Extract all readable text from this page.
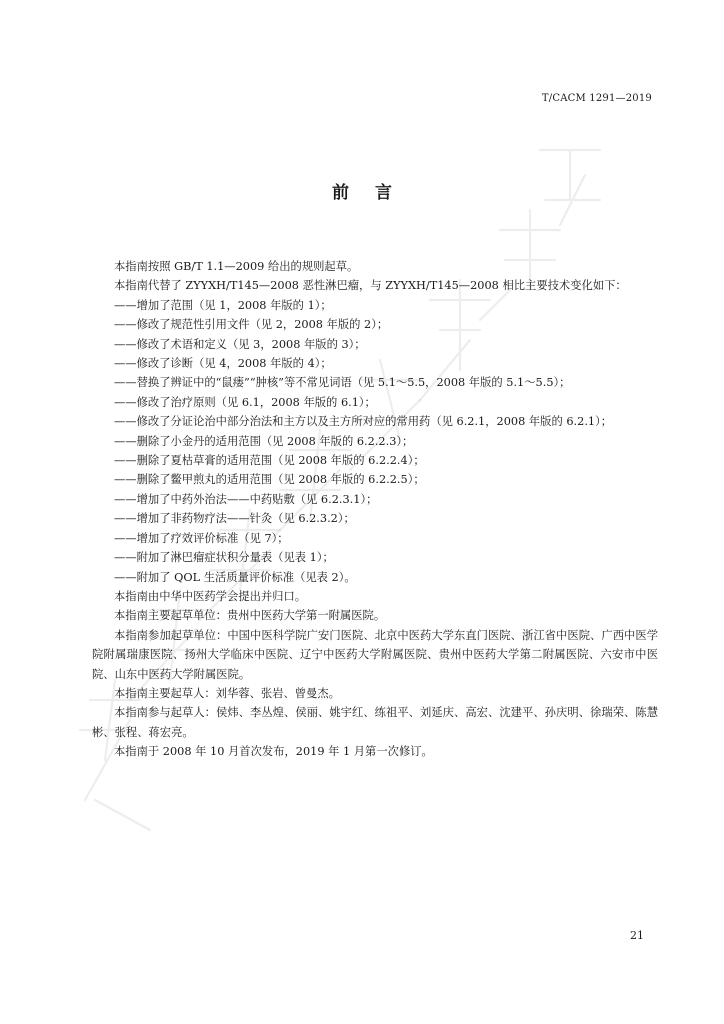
T/CACM 1291—2019
前言

本指南按照 GB/T 1.1—2009 给出的规则起草。

本指南代替了 ZYYXH/T145—2008 恶性淋巴瘤，与 ZYYXH/T145—2008 相比主要技术变化如下：

——增加了范围（见 1，2008 年版的 1）；

——修改了规范性引用文件（见 2，2008 年版的 2）；

——修改了术语和定义（见 3，2008 年版的 3）；

——修改了诊断（见 4，2008 年版的 4）；

——替换了辨证中的“鼠瘘”“肿核”等不常见词语（见 5.1～5.5，2008 年版的 5.1～5.5）；

——修改了治疗原则（见 6.1，2008 年版的 6.1）；

——修改了分证论治中部分治法和主方以及主方所对应的常用药（见 6.2.1，2008 年版的 6.2.1）；

——删除了小金丹的适用范围（见 2008 年版的 6.2.2.3）；

——删除了夏枯草膏的适用范围（见 2008 年版的 6.2.2.4）；

——删除了鳖甲煎丸的适用范围（见 2008 年版的 6.2.2.5）；

——增加了中药外治法——中药贴敷（见 6.2.3.1）；

——增加了非药物疗法——针灸（见 6.2.3.2）；

——增加了疗效评价标准（见 7）；

——附加了淋巴瘤症状积分量表（见表 1）；

——附加了 QOL 生活质量评价标准（见表 2）。

本指南由中华中医药学会提出并归口。

本指南主要起草单位：贵州中医药大学第一附属医院。

本指南参加起草单位：中国中医科学院广安门医院、北京中医药大学东直门医院、浙江省中医院、广西中医学院附属瑞康医院、扬州大学临床中医院、辽宁中医药大学附属医院、贵州中医药大学第二附属医院、六安市中医院、山东中医药大学附属医院。

本指南主要起草人：刘华蓉、张岩、曾曼杰。

本指南参与起草人：侯炜、李丛煌、侯丽、姚宇红、练祖平、刘延庆、高宏、沈建平、孙庆明、徐瑞荣、陈慧彬、张程、蒋宏亮。

本指南于 2008 年 10 月首次发布，2019 年 1 月第一次修订。

21
